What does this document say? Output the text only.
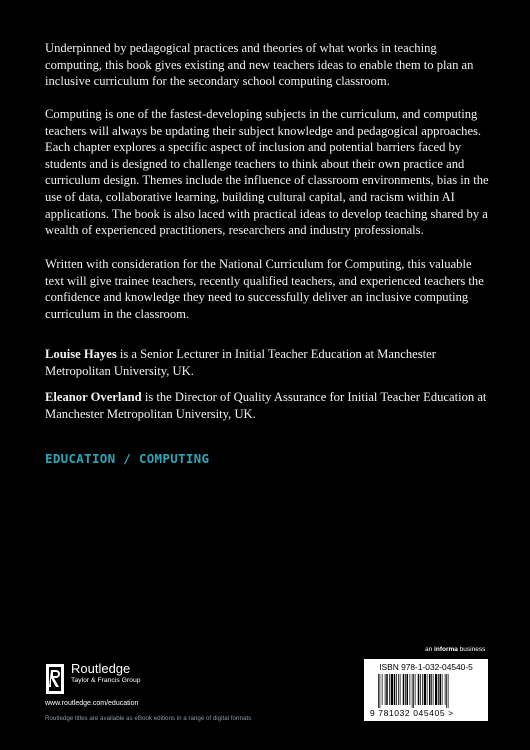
Underpinned by pedagogical practices and theories of what works in teaching computing, this book gives existing and new teachers ideas to enable them to plan an inclusive curriculum for the secondary school computing classroom.

Computing is one of the fastest-developing subjects in the curriculum, and computing teachers will always be updating their subject knowledge and pedagogical approaches. Each chapter explores a specific aspect of inclusion and potential barriers faced by students and is designed to challenge teachers to think about their own practice and curriculum design. Themes include the influence of classroom environments, bias in the use of data, collaborative learning, building cultural capital, and racism within AI applications. The book is also laced with practical ideas to develop teaching shared by a wealth of experienced practitioners, researchers and industry professionals.

Written with consideration for the National Curriculum for Computing, this valuable text will give trainee teachers, recently qualified teachers, and experienced teachers the confidence and knowledge they need to successfully deliver an inclusive computing curriculum in the classroom.

Louise Hayes is a Senior Lecturer in Initial Teacher Education at Manchester Metropolitan University, UK.

Eleanor Overland is the Director of Quality Assurance for Initial Teacher Education at Manchester Metropolitan University, UK.

EDUCATION / COMPUTING
Routledge
Taylor & Francis Group
www.routledge.com/education
Routledge titles are available as eBook editions in a range of digital formats
an informa business
ISBN 978-1-032-04540-5
9 781032 045405 >
